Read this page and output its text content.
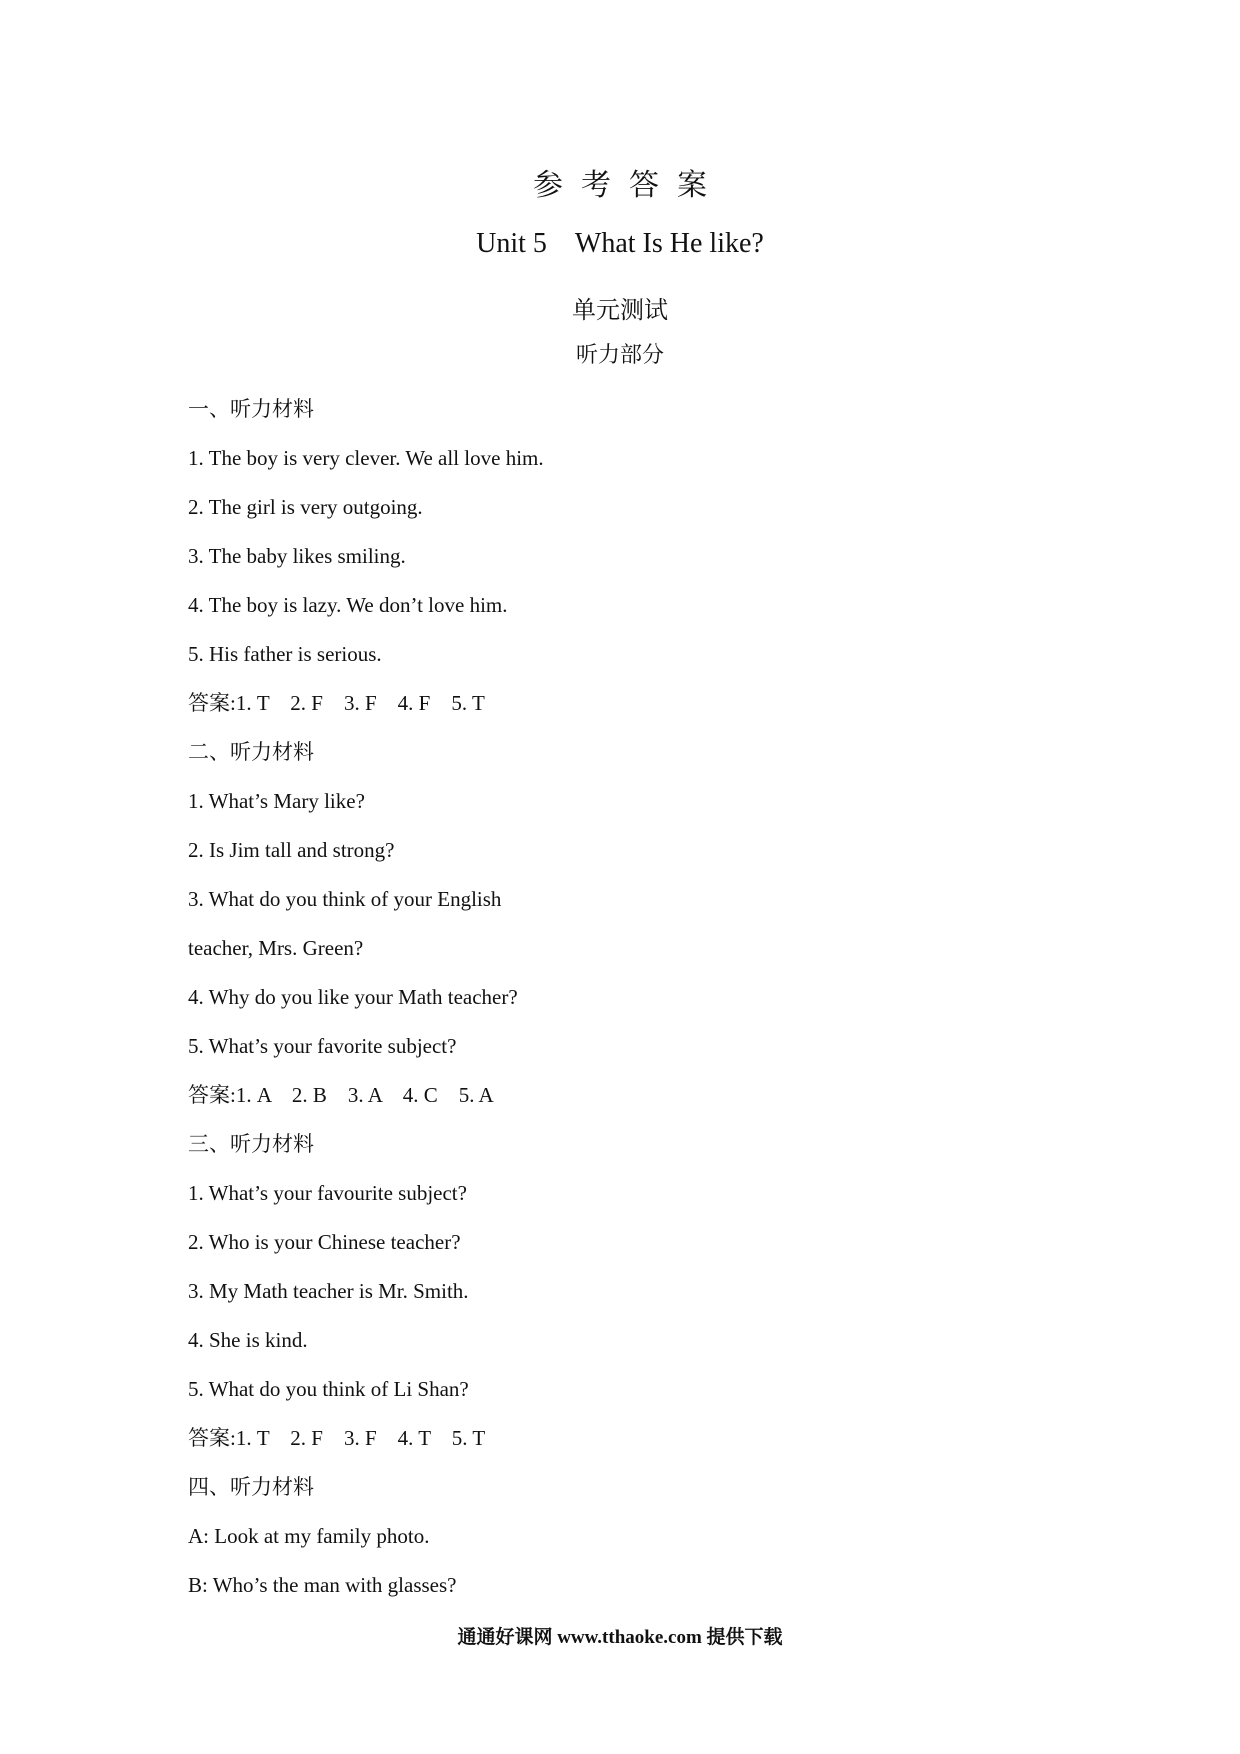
参考答案
Unit 5 What Is He like?
单元测试
听力部分
一、听力材料
1. The boy is very clever. We all love him.
2. The girl is very outgoing.
3. The baby likes smiling.
4. The boy is lazy. We don’t love him.
5. His father is serious.
答案:1. T    2. F    3. F    4. F    5. T
二、听力材料
1. What’s Mary like?
2. Is Jim tall and strong?
3. What do you think of your English
teacher, Mrs. Green?
4. Why do you like your Math teacher?
5. What’s your favorite subject?
答案:1. A    2. B    3. A    4. C    5. A
三、听力材料
1. What’s your favourite subject?
2. Who is your Chinese teacher?
3. My Math teacher is Mr. Smith.
4. She is kind.
5. What do you think of Li Shan?
答案:1. T    2. F    3. F    4. T    5. T
四、听力材料
A: Look at my family photo.
B: Who’s the man with glasses?
通通好课网 www.tthaoke.com 提供下载
